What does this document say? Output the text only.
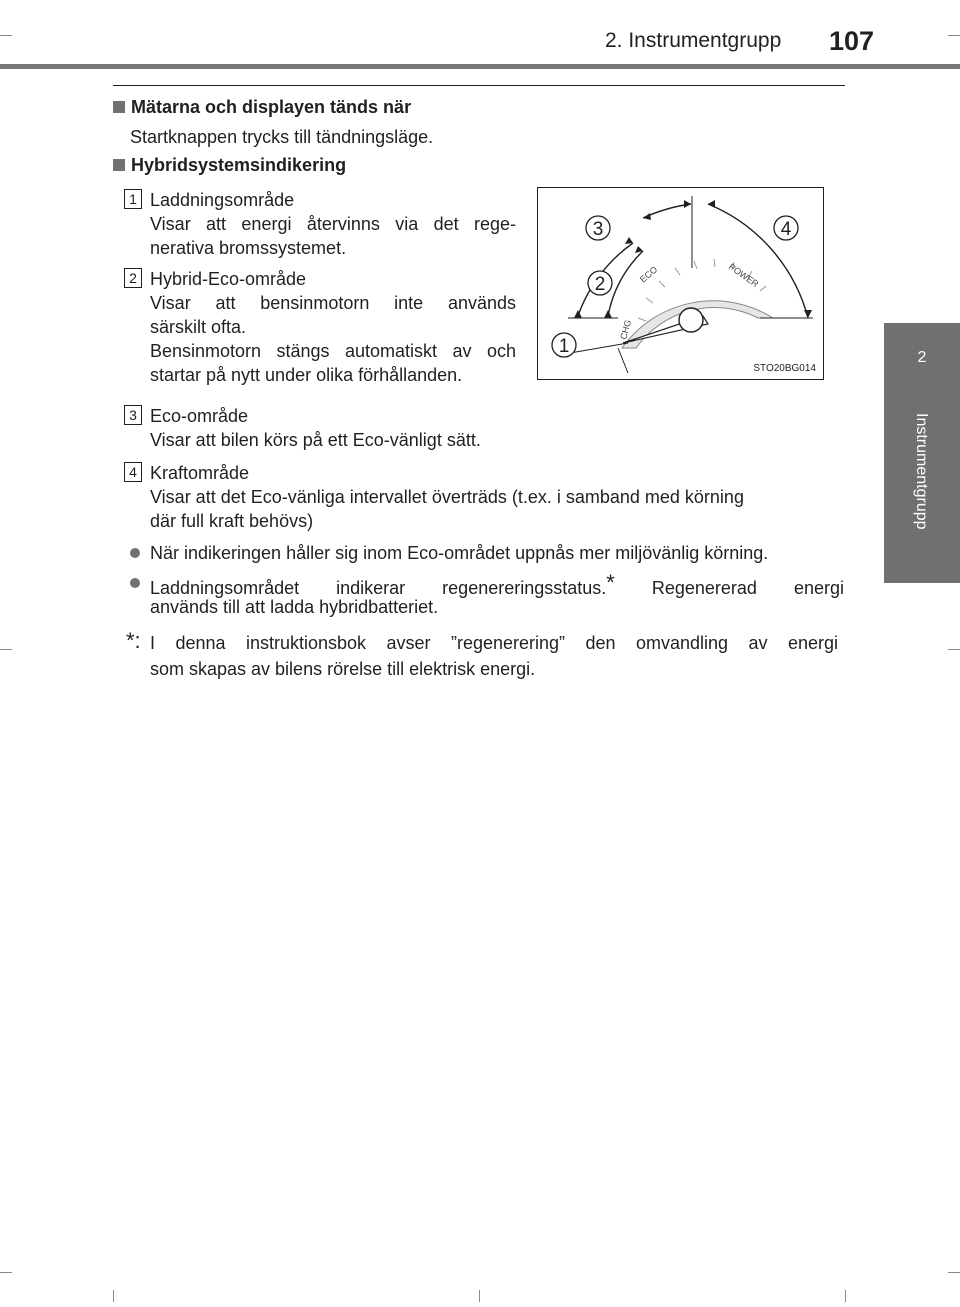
2. Instrumentgrupp 107
2
Instrumentgrupp
Mätarna och displayen tänds när
Startknappen trycks till tändningsläge.
Hybridsystemsindikering
1 Laddningsområde
Visar att energi återvinns via det rege-
nerativa bromssystemet.
2 Hybrid-Eco-område
Visar att bensinmotorn inte används
särskilt ofta.
Bensinmotorn stängs automatiskt av och
startar på nytt under olika förhållanden.
CHG
ECO	POWER
1
2
3	4
STO20BG014
3 Eco-område
Visar att bilen körs på ett Eco-vänligt sätt.
4 Kraftområde
Visar att det Eco-vänliga intervallet överträds (t.ex. i samband med körning
där full kraft behövs)
När indikeringen håller sig inom Eco-området uppnås mer miljövänlig körning.
Laddningsområdet indikerar regenereringsstatus.* Regenererad energi
används till att ladda hybridbatteriet.
*: I denna instruktionsbok avser ”regenerering” den omvandling av energi
som skapas av bilens rörelse till elektrisk energi.
